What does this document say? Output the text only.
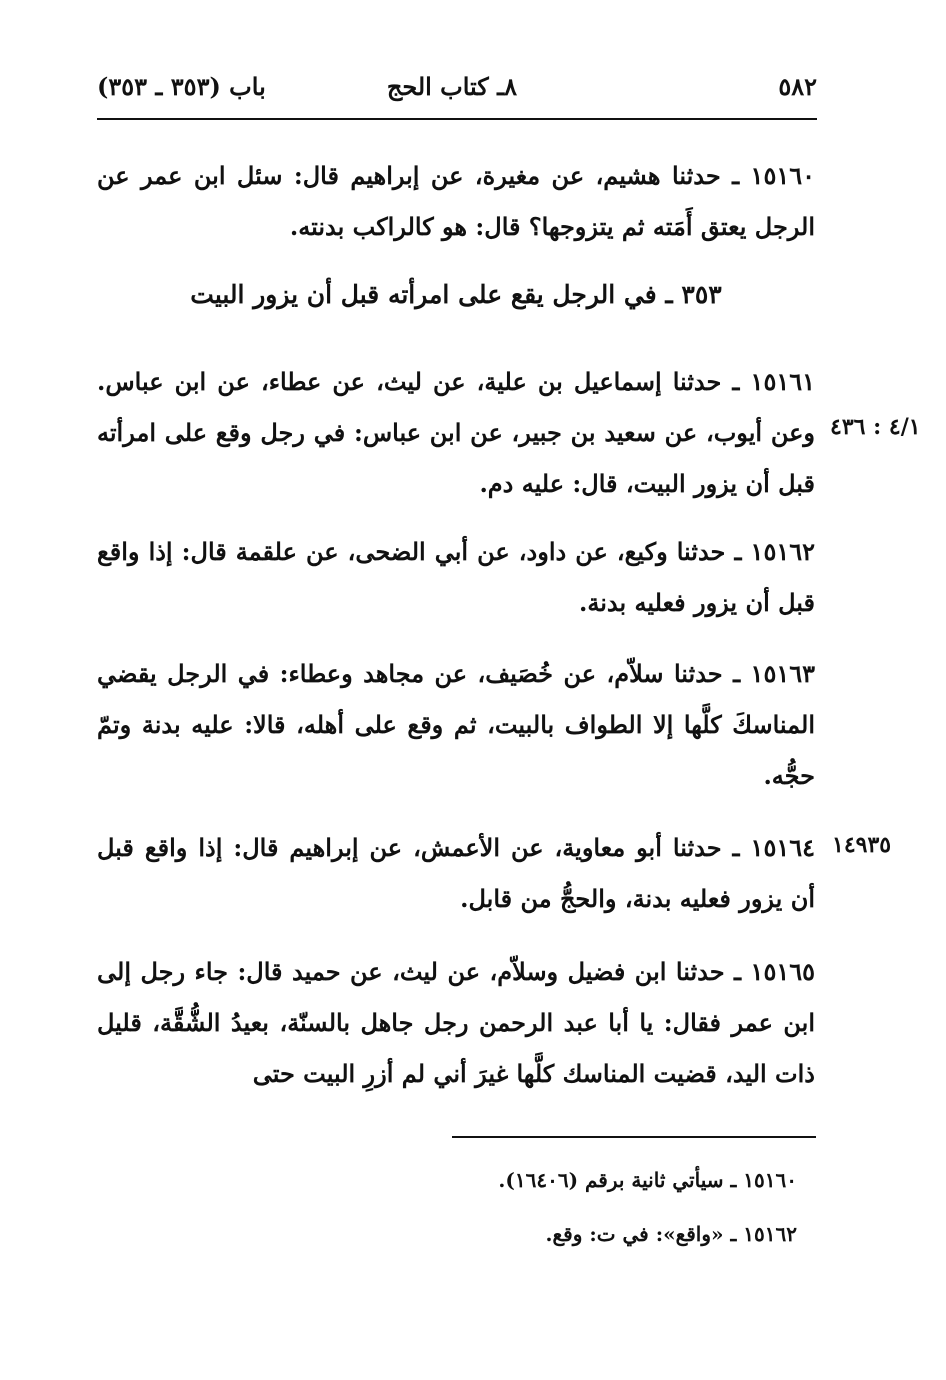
٥٨٢
٨ـ كتاب الحج
باب (٣٥٣ ـ ٣٥٣)
١٥١٦٠ ـ حدثنا هشيم، عن مغيرة، عن إبراهيم قال: سئل ابن عمر عن الرجل يعتق أَمَته ثم يتزوجها؟ قال: هو كالراكب بدنته.
٣٥٣ ـ في الرجل يقع على امرأته قبل أن يزور البيت
١٥١٦١ ـ حدثنا إسماعيل بن علية، عن ليث، عن عطاء، عن ابن عباس. وعن أيوب، عن سعيد بن جبير، عن ابن عباس: في رجل وقع على امرأته قبل أن يزور البيت، قال: عليه دم.
٤/١ : ٤٣٦
١٥١٦٢ ـ حدثنا وكيع، عن داود، عن أبي الضحى، عن علقمة قال: إذا واقع قبل أن يزور فعليه بدنة.
١٥١٦٣ ـ حدثنا سلاّم، عن خُصَيف، عن مجاهد وعطاء: في الرجل يقضي المناسكَ كلَّها إلا الطواف بالبيت، ثم وقع على أهله، قالا: عليه بدنة وتمّ حجُّه.
١٥١٦٤ ـ حدثنا أبو معاوية، عن الأعمش، عن إبراهيم قال: إذا واقع قبل أن يزور فعليه بدنة، والحجُّ من قابل.
١٤٩٣٥
١٥١٦٥ ـ حدثنا ابن فضيل وسلاّم، عن ليث، عن حميد قال: جاء رجل إلى ابن عمر فقال: يا أبا عبد الرحمن رجل جاهل بالسنّة، بعيدُ الشُّقَّة، قليل ذات اليد، قضيت المناسك كلَّها غيرَ أني لم أزرِ البيت حتى
١٥١٦٠ ـ سيأتي ثانية برقم (١٦٤٠٦).
١٥١٦٢ ـ «واقع»: في ت: وقع.
